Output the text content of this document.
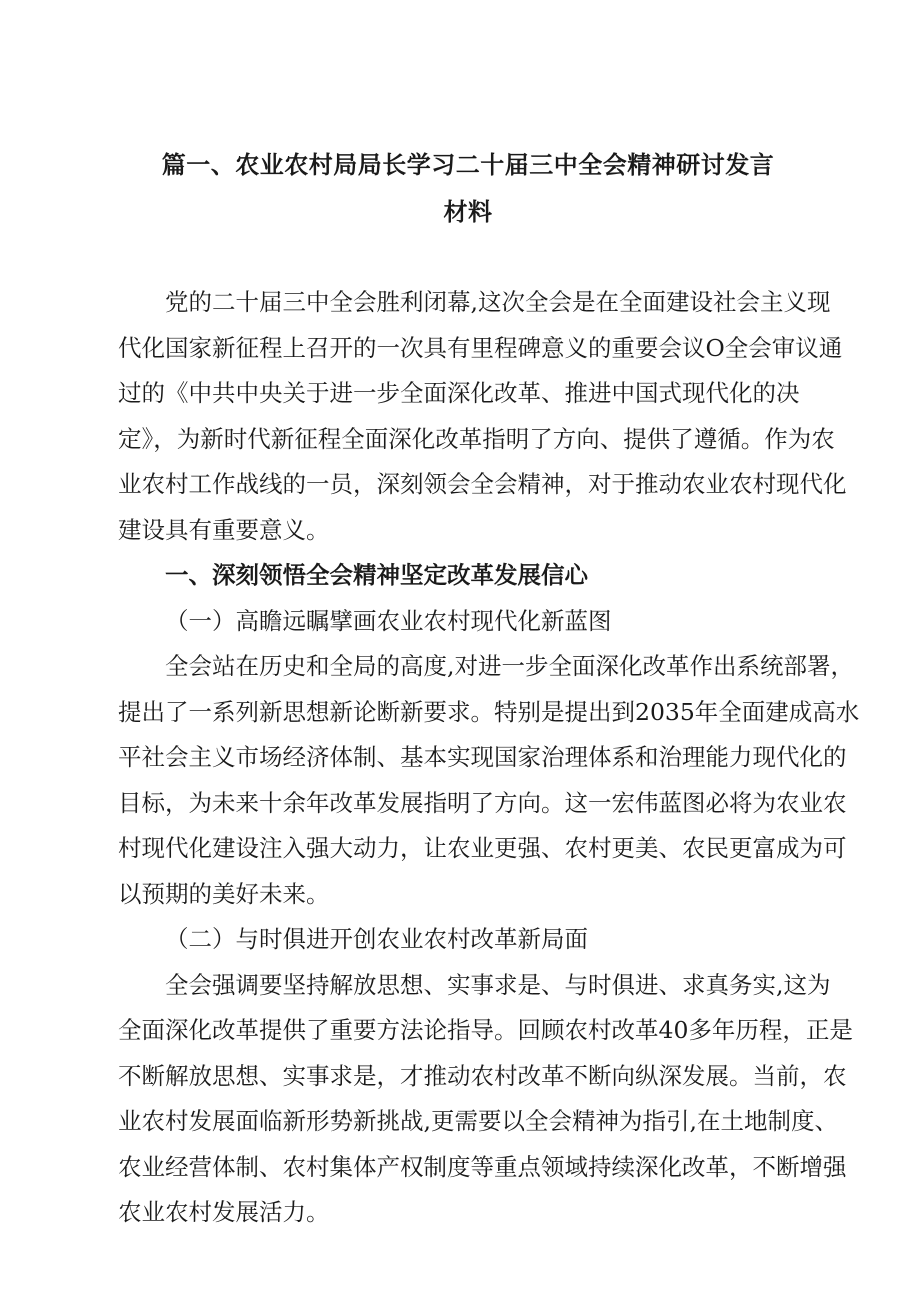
篇一、农业农村局局长学习二十届三中全会精神研讨发言
材料
党的二十届三中全会胜利闭幕,这次全会是在全面建设社会主义现
代化国家新征程上召开的一次具有里程碑意义的重要会议O全会审议通
过的《中共中央关于进一步全面深化改革、推进中国式现代化的决
定》，为新时代新征程全面深化改革指明了方向、提供了遵循。作为农
业农村工作战线的一员，深刻领会全会精神，对于推动农业农村现代化
建设具有重要意义。
一、深刻领悟全会精神坚定改革发展信心
（一）高瞻远瞩擘画农业农村现代化新蓝图
全会站在历史和全局的高度,对进一步全面深化改革作出系统部署，
提出了一系列新思想新论断新要求。特别是提出到2035年全面建成高水
平社会主义市场经济体制、基本实现国家治理体系和治理能力现代化的
目标，为未来十余年改革发展指明了方向。这一宏伟蓝图必将为农业农
村现代化建设注入强大动力，让农业更强、农村更美、农民更富成为可
以预期的美好未来。
（二）与时俱进开创农业农村改革新局面
全会强调要坚持解放思想、实事求是、与时俱进、求真务实,这为
全面深化改革提供了重要方法论指导。回顾农村改革40多年历程，正是
不断解放思想、实事求是，才推动农村改革不断向纵深发展。当前，农
业农村发展面临新形势新挑战,更需要以全会精神为指引,在土地制度、
农业经营体制、农村集体产权制度等重点领域持续深化改革，不断增强
农业农村发展活力。
